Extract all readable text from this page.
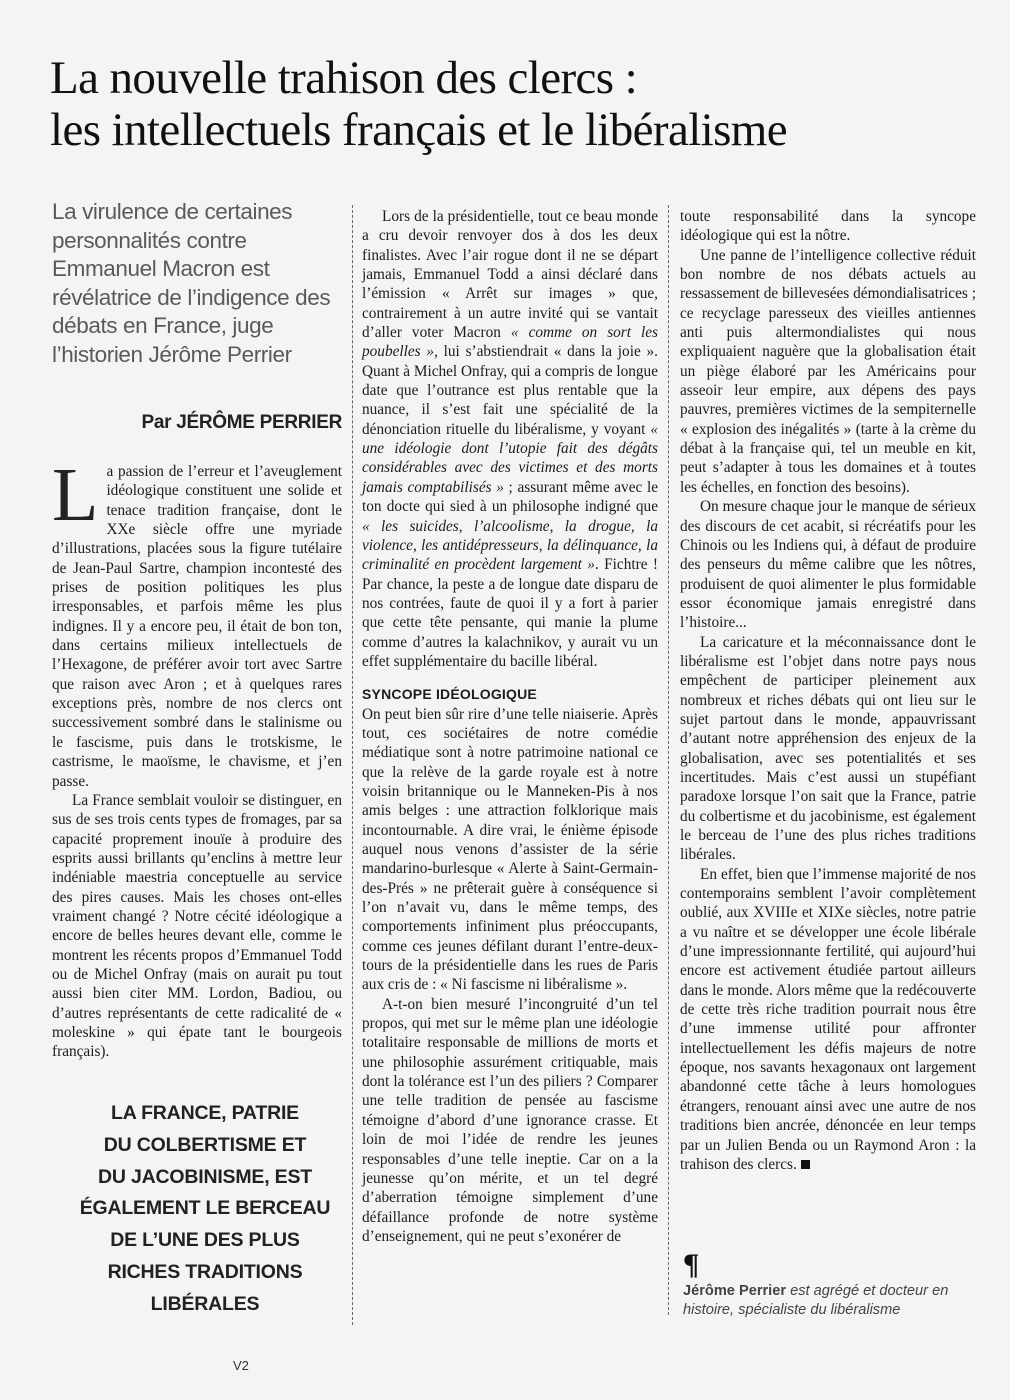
La nouvelle trahison des clercs :
les intellectuels français et le libéralisme

La virulence de certaines personnalités contre Emmanuel Macron est révélatrice de l’indigence des débats en France, juge l’historien Jérôme Perrier

Par JÉRÔME PERRIER

La passion de l’erreur et l’aveuglement idéologique constituent une solide et tenace tradition française, dont le XXe siècle offre une myriade d’illustrations, placées sous la figure tutélaire de Jean-Paul Sartre, champion incontesté des prises de position politiques les plus irresponsables, et parfois même les plus indignes. Il y a encore peu, il était de bon ton, dans certains milieux intellectuels de l’Hexagone, de préférer avoir tort avec Sartre que raison avec Aron ; et à quelques rares exceptions près, nombre de nos clercs ont successivement sombré dans le stalinisme ou le fascisme, puis dans le trotskisme, le castrisme, le maoïsme, le chavisme, et j’en passe.

La France semblait vouloir se distinguer, en sus de ses trois cents types de fromages, par sa capacité proprement inouïe à produire des esprits aussi brillants qu’enclins à mettre leur indéniable maestria conceptuelle au service des pires causes. Mais les choses ont-elles vraiment changé ? Notre cécité idéologique a encore de belles heures devant elle, comme le montrent les récents propos d’Emmanuel Todd ou de Michel Onfray (mais on aurait pu tout aussi bien citer MM. Lordon, Badiou, ou d’autres représentants de cette radicalité de « moleskine » qui épate tant le bourgeois français).

Lors de la présidentielle, tout ce beau monde a cru devoir renvoyer dos à dos les deux finalistes. Avec l’air rogue dont il ne se départ jamais, Emmanuel Todd a ainsi déclaré dans l’émission « Arrêt sur images » que, contrairement à un autre invité qui se vantait d’aller voter Macron « comme on sort les poubelles », lui s’abstiendrait « dans la joie ». Quant à Michel Onfray, qui a compris de longue date que l’outrance est plus rentable que la nuance, il s’est fait une spécialité de la dénonciation rituelle du libéralisme, y voyant « une idéologie dont l’utopie fait des dégâts considérables avec des victimes et des morts jamais comptabilisés » ; assurant même avec le ton docte qui sied à un philosophe indigné que « les suicides, l’alcoolisme, la drogue, la violence, les antidépresseurs, la délinquance, la criminalité en procèdent largement ». Fichtre ! Par chance, la peste a de longue date disparu de nos contrées, faute de quoi il y a fort à parier que cette tête pensante, qui manie la plume comme d’autres la kalachnikov, y aurait vu un effet supplémentaire du bacille libéral.

SYNCOPE IDÉOLOGIQUE

On peut bien sûr rire d’une telle niaiserie. Après tout, ces sociétaires de notre comédie médiatique sont à notre patrimoine national ce que la relève de la garde royale est à notre voisin britannique ou le Manneken-Pis à nos amis belges : une attraction folklorique mais incontournable. A dire vrai, le énième épisode auquel nous venons d’assister de la série mandarino-burlesque « Alerte à Saint-Germain-des-Prés » ne prêterait guère à conséquence si l’on n’avait vu, dans le même temps, des comportements infiniment plus préoccupants, comme ces jeunes défilant durant l’entre-deux-tours de la présidentielle dans les rues de Paris aux cris de : « Ni fascisme ni libéralisme ».

A-t-on bien mesuré l’incongruité d’un tel propos, qui met sur le même plan une idéologie totalitaire responsable de millions de morts et une philosophie assurément critiquable, mais dont la tolérance est l’un des piliers ? Comparer une telle tradition de pensée au fascisme témoigne d’abord d’une ignorance crasse. Et loin de moi l’idée de rendre les jeunes responsables d’une telle ineptie. Car on a la jeunesse qu’on mérite, et un tel degré d’aberration témoigne simplement d’une défaillance profonde de notre système d’enseignement, qui ne peut s’exonérer de

toute responsabilité dans la syncope idéologique qui est la nôtre.

Une panne de l’intelligence collective réduit bon nombre de nos débats actuels au ressassement de billevesées démondialisatrices ; ce recyclage paresseux des vieilles antiennes anti puis altermondialistes qui nous expliquaient naguère que la globalisation était un piège élaboré par les Américains pour asseoir leur empire, aux dépens des pays pauvres, premières victimes de la sempiternelle « explosion des inégalités » (tarte à la crème du débat à la française qui, tel un meuble en kit, peut s’adapter à tous les domaines et à toutes les échelles, en fonction des besoins).

On mesure chaque jour le manque de sérieux des discours de cet acabit, si récréatifs pour les Chinois ou les Indiens qui, à défaut de produire des penseurs du même calibre que les nôtres, produisent de quoi alimenter le plus formidable essor économique jamais enregistré dans l’histoire...

La caricature et la méconnaissance dont le libéralisme est l’objet dans notre pays nous empêchent de participer pleinement aux nombreux et riches débats qui ont lieu sur le sujet partout dans le monde, appauvrissant d’autant notre appréhension des enjeux de la globalisation, avec ses potentialités et ses incertitudes. Mais c’est aussi un stupéfiant paradoxe lorsque l’on sait que la France, patrie du colbertisme et du jacobinisme, est également le berceau de l’une des plus riches traditions libérales.

En effet, bien que l’immense majorité de nos contemporains semblent l’avoir complètement oublié, aux XVIIIe et XIXe siècles, notre patrie a vu naître et se développer une école libérale d’une impressionnante fertilité, qui aujourd’hui encore est activement étudiée partout ailleurs dans le monde. Alors même que la redécouverte de cette très riche tradition pourrait nous être d’une immense utilité pour affronter intellectuellement les défis majeurs de notre époque, nos savants hexagonaux ont largement abandonné cette tâche à leurs homologues étrangers, renouant ainsi avec une autre de nos traditions bien ancrée, dénoncée en leur temps par un Julien Benda ou un Raymond Aron : la trahison des clercs.

LA FRANCE, PATRIE
DU COLBERTISME ET
DU JACOBINISME, EST
ÉGALEMENT LE BERCEAU
DE L’UNE DES PLUS
RICHES TRADITIONS
LIBÉRALES
¶

Jérôme Perrier est agrégé et docteur en histoire, spécialiste du libéralisme

V2
